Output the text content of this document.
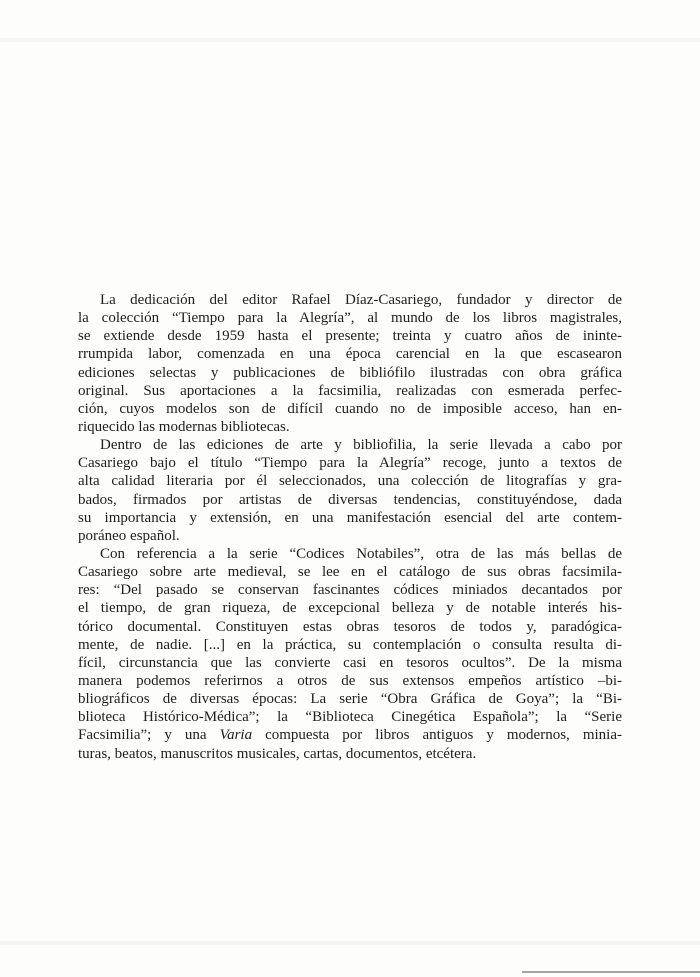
La dedicación del editor Rafael Díaz-Casariego, fundador y director de
la colección “Tiempo para la Alegría”, al mundo de los libros magistrales,
se extiende desde 1959 hasta el presente; treinta y cuatro años de ininte-
rrumpida labor, comenzada en una época carencial en la que escasearon
ediciones selectas y publicaciones de bibliófilo ilustradas con obra gráfica
original. Sus aportaciones a la facsimilia, realizadas con esmerada perfec-
ción, cuyos modelos son de difícil cuando no de imposible acceso, han en-
riquecido las modernas bibliotecas.
Dentro de las ediciones de arte y bibliofilia, la serie llevada a cabo por
Casariego bajo el título “Tiempo para la Alegría” recoge, junto a textos de
alta calidad literaria por él seleccionados, una colección de litografías y gra-
bados, firmados por artistas de diversas tendencias, constituyéndose, dada
su importancia y extensión, en una manifestación esencial del arte contem-
poráneo español.
Con referencia a la serie “Codices Notabiles”, otra de las más bellas de
Casariego sobre arte medieval, se lee en el catálogo de sus obras facsimila-
res: “Del pasado se conservan fascinantes códices miniados decantados por
el tiempo, de gran riqueza, de excepcional belleza y de notable interés his-
tórico documental. Constituyen estas obras tesoros de todos y, paradógica-
mente, de nadie. [...] en la práctica, su contemplación o consulta resulta di-
fícil, circunstancia que las convierte casi en tesoros ocultos”. De la misma
manera podemos referirnos a otros de sus extensos empeños artístico –bi-
bliográficos de diversas épocas: La serie “Obra Gráfica de Goya”; la “Bi-
blioteca Histórico-Médica”; la “Biblioteca Cinegética Española”; la “Serie
Facsimilia”; y una Varia compuesta por libros antiguos y modernos, minia-
turas, beatos, manuscritos musicales, cartas, documentos, etcétera.
